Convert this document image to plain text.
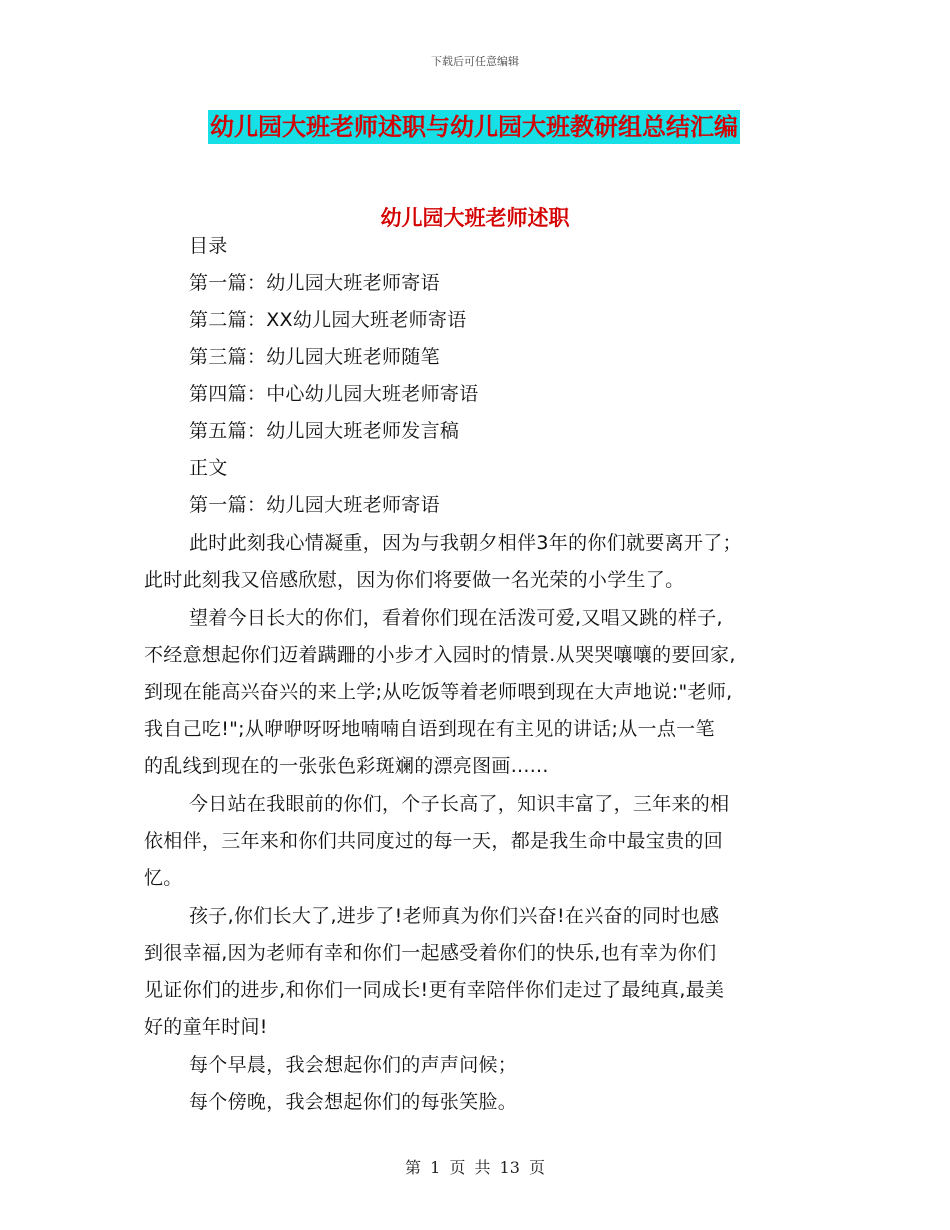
下载后可任意编辑
幼儿园大班老师述职与幼儿园大班教研组总结汇编
幼儿园大班老师述职
目录
第一篇：幼儿园大班老师寄语
第二篇：XX幼儿园大班老师寄语
第三篇：幼儿园大班老师随笔
第四篇：中心幼儿园大班老师寄语
第五篇：幼儿园大班老师发言稿
正文
第一篇：幼儿园大班老师寄语
此时此刻我心情凝重，因为与我朝夕相伴3年的你们就要离开了；
此时此刻我又倍感欣慰，因为你们将要做一名光荣的小学生了。
望着今日长大的你们，看着你们现在活泼可爱,又唱又跳的样子,
不经意想起你们迈着蹒跚的小步才入园时的情景.从哭哭嚷嚷的要回家,
到现在能高兴奋兴的来上学;从吃饭等着老师喂到现在大声地说:"老师,
我自己吃!";从咿咿呀呀地喃喃自语到现在有主见的讲话;从一点一笔
的乱线到现在的一张张色彩斑斓的漂亮图画......
今日站在我眼前的你们，个子长高了，知识丰富了，三年来的相
依相伴，三年来和你们共同度过的每一天，都是我生命中最宝贵的回
忆。
孩子,你们长大了,进步了!老师真为你们兴奋!在兴奋的同时也感
到很幸福,因为老师有幸和你们一起感受着你们的快乐,也有幸为你们
见证你们的进步,和你们一同成长!更有幸陪伴你们走过了最纯真,最美
好的童年时间!
每个早晨，我会想起你们的声声问候；
每个傍晚，我会想起你们的每张笑脸。
第 1 页 共 13 页
